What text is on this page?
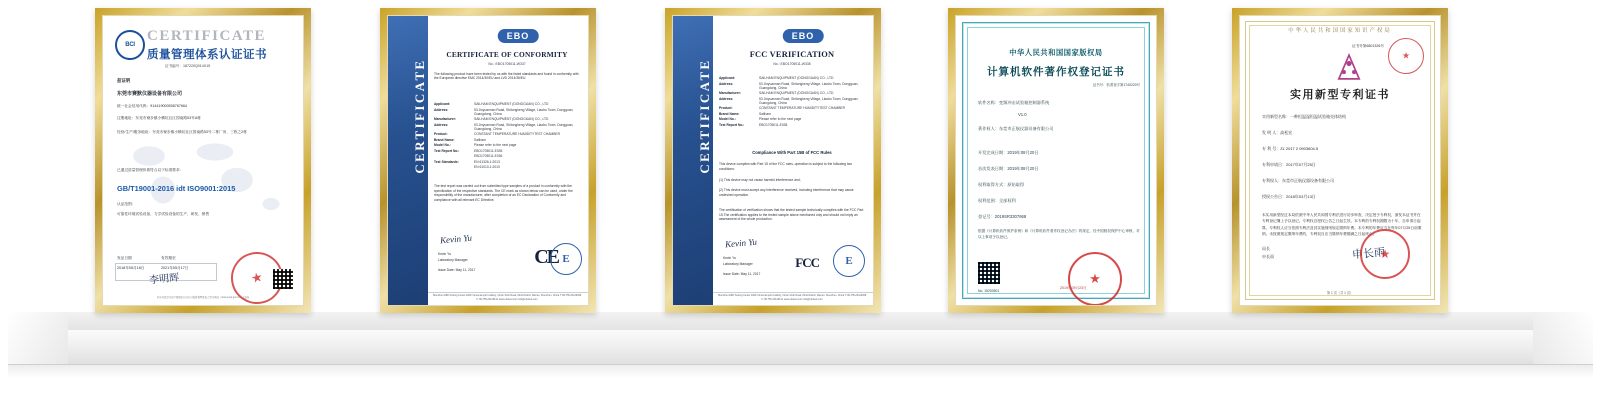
BCI
CERTIFICATE
质量管理体系认证证书
证书编号：187220Q014X15
兹证明
东莞市赛默仪器设备有限公司
统一社会信用代码：914419000506767664
注册地址：东莞市寮步镇小横坑社区园南路53号A栋
经营/生产/服务地址：东莞市寮步镇小横坑社区园南路53号二栋厂房、三栋之2栋
已通过质量管理体系符合以下标准要求：
GB/T19001-2016 idt ISO9001:2015
认证范围：
可靠性环境试验设备、力学试验设备的生产、研发、销售
发证日期	有效期至
2018年05月18日	2021年05月17日
李明辉
★
本证书信息可在中国国家认证认可监督管理委员会官方网站（www.cnca.gov.cn）上查询
CERTIFICATE
EBO
CERTIFICATE OF CONFORMITY
No.: EBO1705011-W337
The following product have been tested by us with the listed standards and found in conformity with the European directive EMC 2014/30/EU and LVD 2014/35/EU.
Applicant:	SAILHAM ENQUIPMENT (DONGGUAN) CO., LTD
Address:	53 Jinyuannan Road, Shitongkeng Village, Liaobu Town, Dongguan, Guangdong, China
Manufacturer:	SAILHAM ENQUIPMENT (DONGGUAN) CO., LTD
Address:	53 Jinyuannan Road, Shitongkeng Village, Liaobu Town, Dongguan, Guangdong, China
Product:	CONSTANT TEMPERATURE HUMIDITYTEST CHAMBER
Brand Name:	Sailham
Model No.:	Please refer to the next page
Test Report No.:	EBO1705011-E035
EBO1705011-E036
Test Standards:	EN 61326-1:2013
EN 61010-1:2010
The test report was carried out from submitted type samples of a product in conformity with the specification of the respective standards. The CE mark as shown below can be used, under the responsibility of the manufacturer, after completion of an EC Declaration of Conformity and compliance with all relevant EC Directive.
Kevin Yu
Kevin Yu
Laboratory Manager
Issue Date: May 11, 2017
CE E
Shenzhen EBO Testing Center 4008, Financial port building, Xin'an Sixth Road, 82nd District, Bao'an, Shenzhen, China T: 86-755-23129458 F: 86-755-23129141 www.ebotest.com info@ebotest.com
CERTIFICATE
EBO
FCC VERIFICATION
No.: EBO1705011-W335
Applicant:	SAILHAM ENQUIPMENT (DONGGUAN) CO., LTD
Address:	53 Jinyuannan Road, Shitongkeng Village, Liaobu Town, Dongguan, Guangdong, China
Manufacturer:	SAILHAM ENQUIPMENT (DONGGUAN) CO., LTD
Address:	53 Jinyuannan Road, Shitongkeng Village, Liaobu Town, Dongguan, Guangdong, China
Product:	CONSTANT TEMPERATURE HUMIDITYTEST CHAMBER
Brand Name:	Sailham
Model No.:	Please refer to the next page
Test Report No.:	EBO1705011-E038
Compliance With Part 15B of FCC Rules
This device complies with Part 15 of the FCC rules, operation is subject to the following two conditions:
(1) This device may not cause harmful interference and;
(2) This device must accept any interference received, including interference that may cause undesired operation.
The certification of verification shows that the tested sample technically complies with the FCC Part 15.The certification applies to the tested sample above mentioned only and should not imply an assessment of the whole production.
Kevin Yu
Kevin Yu
Laboratory Manager
Issue Date: May 11, 2017
FCC	E
Shenzhen EBO Testing Center 4008, Financial port building, Xin'an Sixth Road, 82nd District, Bao'an, Shenzhen, China T: 86-755-23129458 F: 86-755-23129141 www.ebotest.com info@ebotest.com
中华人民共和国国家版权局
计算机软件著作权登记证书
证书号：软著登字第1740220号
软件名称：变频冲击试验箱控制器系统
V1.0
著作权人：东莞市正航仪器设备有限公司
开发完成日期：2019年08月20日
首次发表日期：2019年08月20日
权利取得方式：原始取得
权利范围：全部权利
登记号：2019SR3307668
根据《计算机软件保护条例》和《计算机软件著作权登记办法》的规定，经中国版权保护中心审核，对以上事项予以登记。
★
No. 15200501
2019年09月23日
中华人民共和国国家知识产权局
证书号第6801326号
★
实用新型专利证书
实用新型名称：一种恒温湿恒温试验箱壳体结构
发 明 人：高松宏
专 利 号：ZL 2017 2 0903604.5
专利申请日：2017年07月25日
专利权人：东莞市正航仪器设备有限公司
授权公告日：2018年03月13日
本实用新型经过本局依照中华人民共和国专利法进行初步审查，决定授予专利权，颁发本证书并在专利登记簿上予以登记。专利权自授权公告之日起生效。本专利的专利权期限为十年，自申请日起算。专利权人应当依照专利法及其实施细则规定缴纳年费。本专利的年费应当在每年07月25日前缴纳。未按照规定缴纳年费的，专利权自应当缴纳年费期满之日起终止。
局长
申长雨	申长雨
★
第 1 页（共 1 页）
